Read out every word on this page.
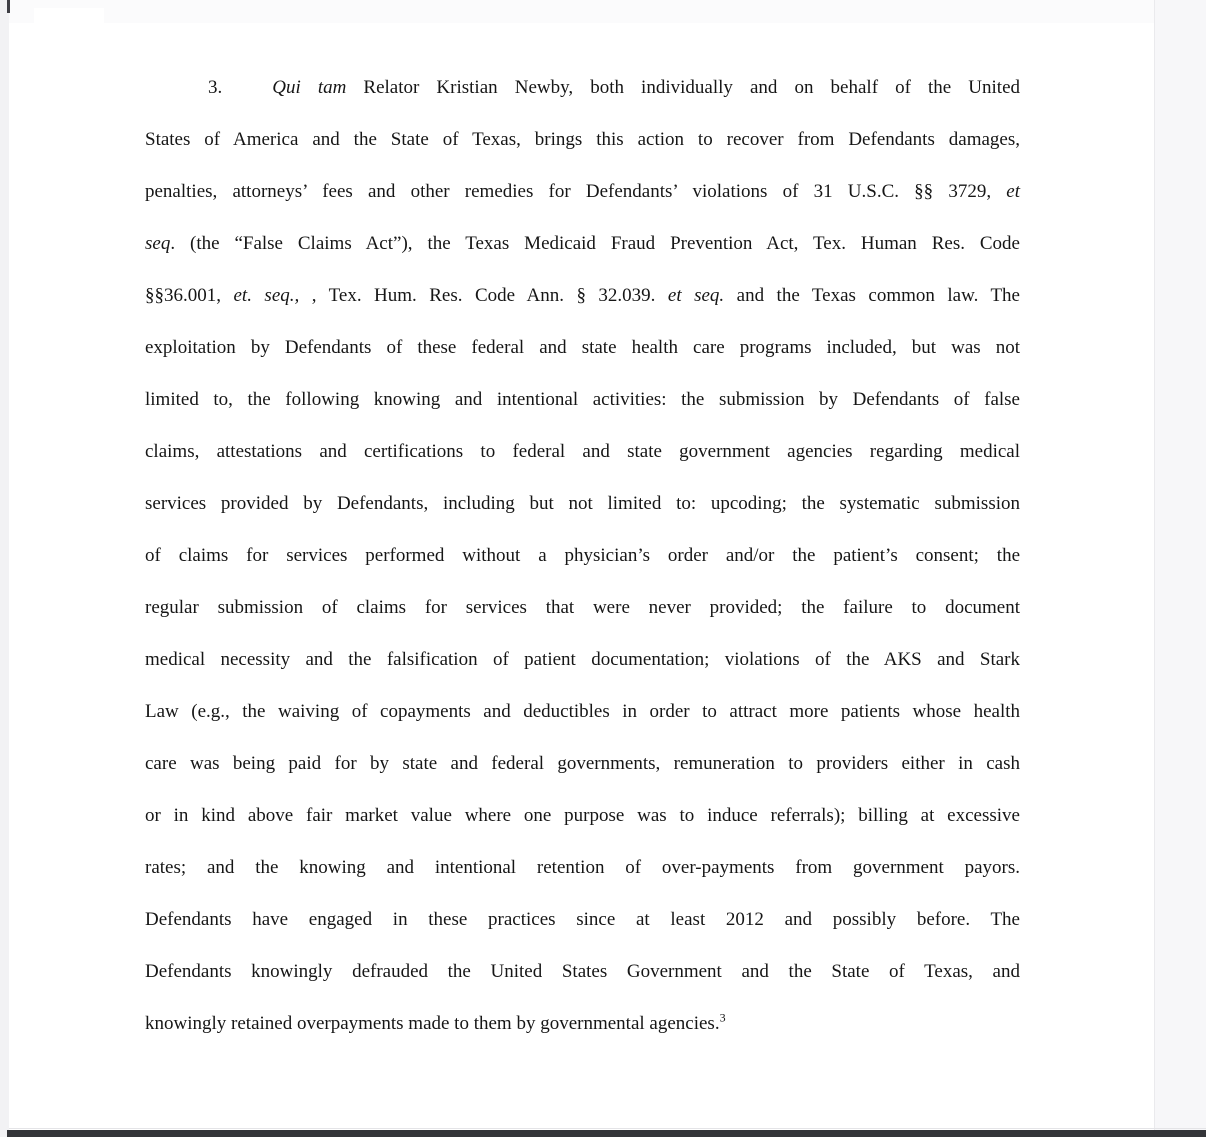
3.	Qui tam Relator Kristian Newby, both individually and on behalf of the United
States of America and the State of Texas, brings this action to recover from Defendants damages,
penalties, attorneys’ fees and other remedies for Defendants’ violations of 31 U.S.C. §§ 3729, et
seq. (the “False Claims Act”), the Texas Medicaid Fraud Prevention Act, Tex. Human Res. Code
§§36.001, et. seq., , Tex. Hum. Res. Code Ann. § 32.039. et seq. and the Texas common law. The
exploitation by Defendants of these federal and state health care programs included, but was not
limited to, the following knowing and intentional activities: the submission by Defendants of false
claims, attestations and certifications to federal and state government agencies regarding medical
services provided by Defendants, including but not limited to: upcoding; the systematic submission
of claims for services performed without a physician’s order and/or the patient’s consent; the
regular submission of claims for services that were never provided; the failure to document
medical necessity and the falsification of patient documentation; violations of the AKS and Stark
Law (e.g., the waiving of copayments and deductibles in order to attract more patients whose health
care was being paid for by state and federal governments, remuneration to providers either in cash
or in kind above fair market value where one purpose was to induce referrals); billing at excessive
rates; and the knowing and intentional retention of over-payments from government payors.
Defendants have engaged in these practices since at least 2012 and possibly before. The
Defendants knowingly defrauded the United States Government and the State of Texas, and
knowingly retained overpayments made to them by governmental agencies.$^3$
